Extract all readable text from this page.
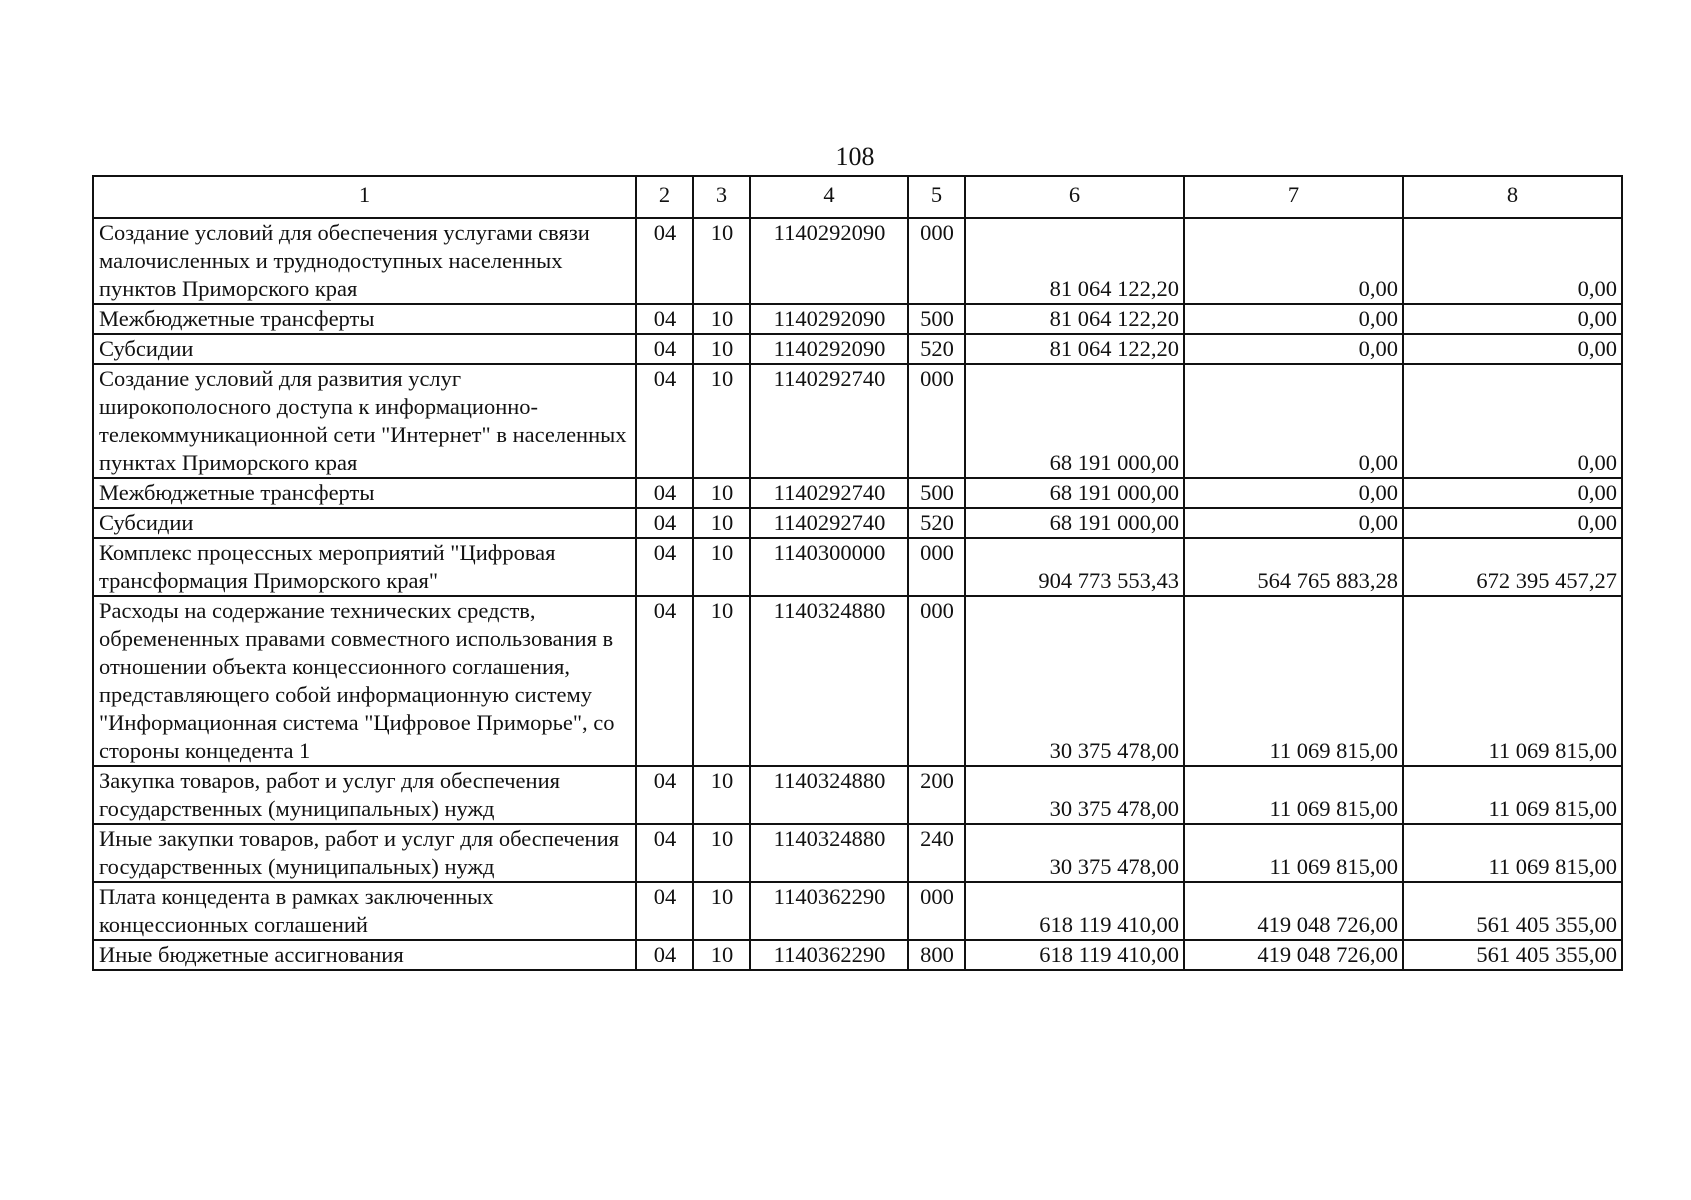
108
1	2	3	4	5	6	7	8
Создание условий для обеспечения услугами связи малочисленных и труднодоступных населенных пунктов Приморского края	04	10	1140292090	000	81 064 122,20	0,00	0,00
Межбюджетные трансферты	04	10	1140292090	500	81 064 122,20	0,00	0,00
Субсидии	04	10	1140292090	520	81 064 122,20	0,00	0,00
Создание условий для развития услуг широкополосного доступа к информационно-телекоммуникационной сети "Интернет" в населенных пунктах Приморского края	04	10	1140292740	000	68 191 000,00	0,00	0,00
Межбюджетные трансферты	04	10	1140292740	500	68 191 000,00	0,00	0,00
Субсидии	04	10	1140292740	520	68 191 000,00	0,00	0,00
Комплекс процессных мероприятий "Цифровая трансформация Приморского края"	04	10	1140300000	000	904 773 553,43	564 765 883,28	672 395 457,27
Расходы на содержание технических средств, обремененных правами совместного использования в отношении объекта концессионного соглашения, представляющего собой информационную систему "Информационная система "Цифровое Приморье", со стороны концедента 1	04	10	1140324880	000	30 375 478,00	11 069 815,00	11 069 815,00
Закупка товаров, работ и услуг для обеспечения государственных (муниципальных) нужд	04	10	1140324880	200	30 375 478,00	11 069 815,00	11 069 815,00
Иные закупки товаров, работ и услуг для обеспечения государственных (муниципальных) нужд	04	10	1140324880	240	30 375 478,00	11 069 815,00	11 069 815,00
Плата концедента в рамках заключенных концессионных соглашений	04	10	1140362290	000	618 119 410,00	419 048 726,00	561 405 355,00
Иные бюджетные ассигнования	04	10	1140362290	800	618 119 410,00	419 048 726,00	561 405 355,00
